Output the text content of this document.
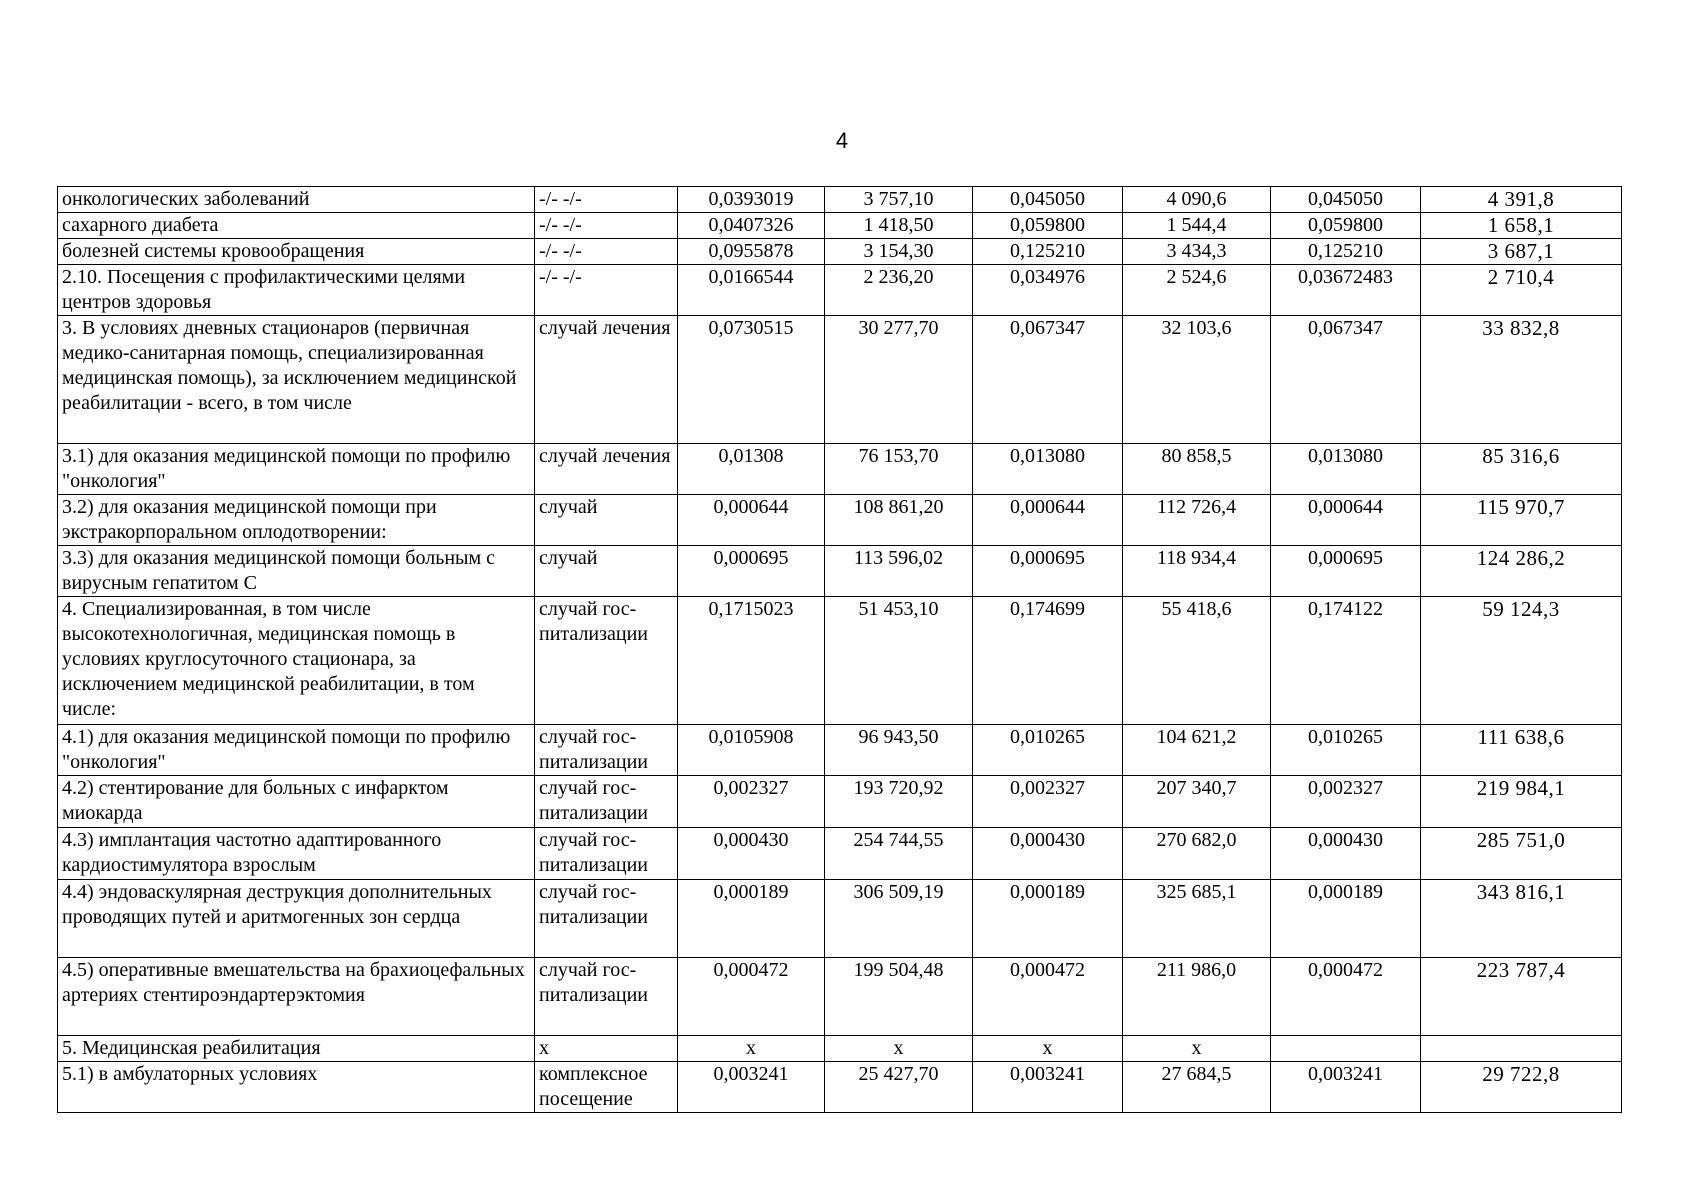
4
онкологических заболеваний	-/- -/-	0,0393019	3 757,10	0,045050	4 090,6	0,045050	4 391,8
сахарного диабета	-/- -/-	0,0407326	1 418,50	0,059800	1 544,4	0,059800	1 658,1
болезней системы кровообращения	-/- -/-	0,0955878	3 154,30	0,125210	3 434,3	0,125210	3 687,1
2.10. Посещения с профилактическими целями центров здоровья	-/- -/-	0,0166544	2 236,20	0,034976	2 524,6	0,03672483	2 710,4
3. В условиях дневных стационаров (первичная медико-санитарная помощь, специализированная медицинская помощь), за исключением медицинской реабилитации - всего, в том числе	случай лечения	0,0730515	30 277,70	0,067347	32 103,6	0,067347	33 832,8
3.1) для оказания медицинской помощи по профилю "онкология"	случай лечения	0,01308	76 153,70	0,013080	80 858,5	0,013080	85 316,6
3.2) для оказания медицинской помощи при экстракорпоральном оплодотворении:	случай	0,000644	108 861,20	0,000644	112 726,4	0,000644	115 970,7
3.3) для оказания медицинской помощи больным с вирусным гепатитом С	случай	0,000695	113 596,02	0,000695	118 934,4	0,000695	124 286,2
4. Специализированная, в том числе высокотехнологичная, медицинская помощь в условиях круглосуточного стационара, за исключением медицинской реабилитации, в том числе:	случай гос-питализации	0,1715023	51 453,10	0,174699	55 418,6	0,174122	59 124,3
4.1) для оказания медицинской помощи по профилю "онкология"	случай гос-питализации	0,0105908	96 943,50	0,010265	104 621,2	0,010265	111 638,6
4.2) стентирование для больных с инфарктом миокарда	случай гос-питализации	0,002327	193 720,92	0,002327	207 340,7	0,002327	219 984,1
4.3) имплантация частотно адаптированного кардиостимулятора взрослым	случай гос-питализации	0,000430	254 744,55	0,000430	270 682,0	0,000430	285 751,0
4.4) эндоваскулярная деструкция дополнительных проводящих путей и аритмогенных зон сердца	случай гос-питализации	0,000189	306 509,19	0,000189	325 685,1	0,000189	343 816,1
4.5) оперативные вмешательства на брахиоцефальных артериях стентироэндартерэктомия	случай гос-питализации	0,000472	199 504,48	0,000472	211 986,0	0,000472	223 787,4
5. Медицинская реабилитация	х	х	х	х	х		
5.1) в амбулаторных условиях	комплексное посещение	0,003241	25 427,70	0,003241	27 684,5	0,003241	29 722,8
